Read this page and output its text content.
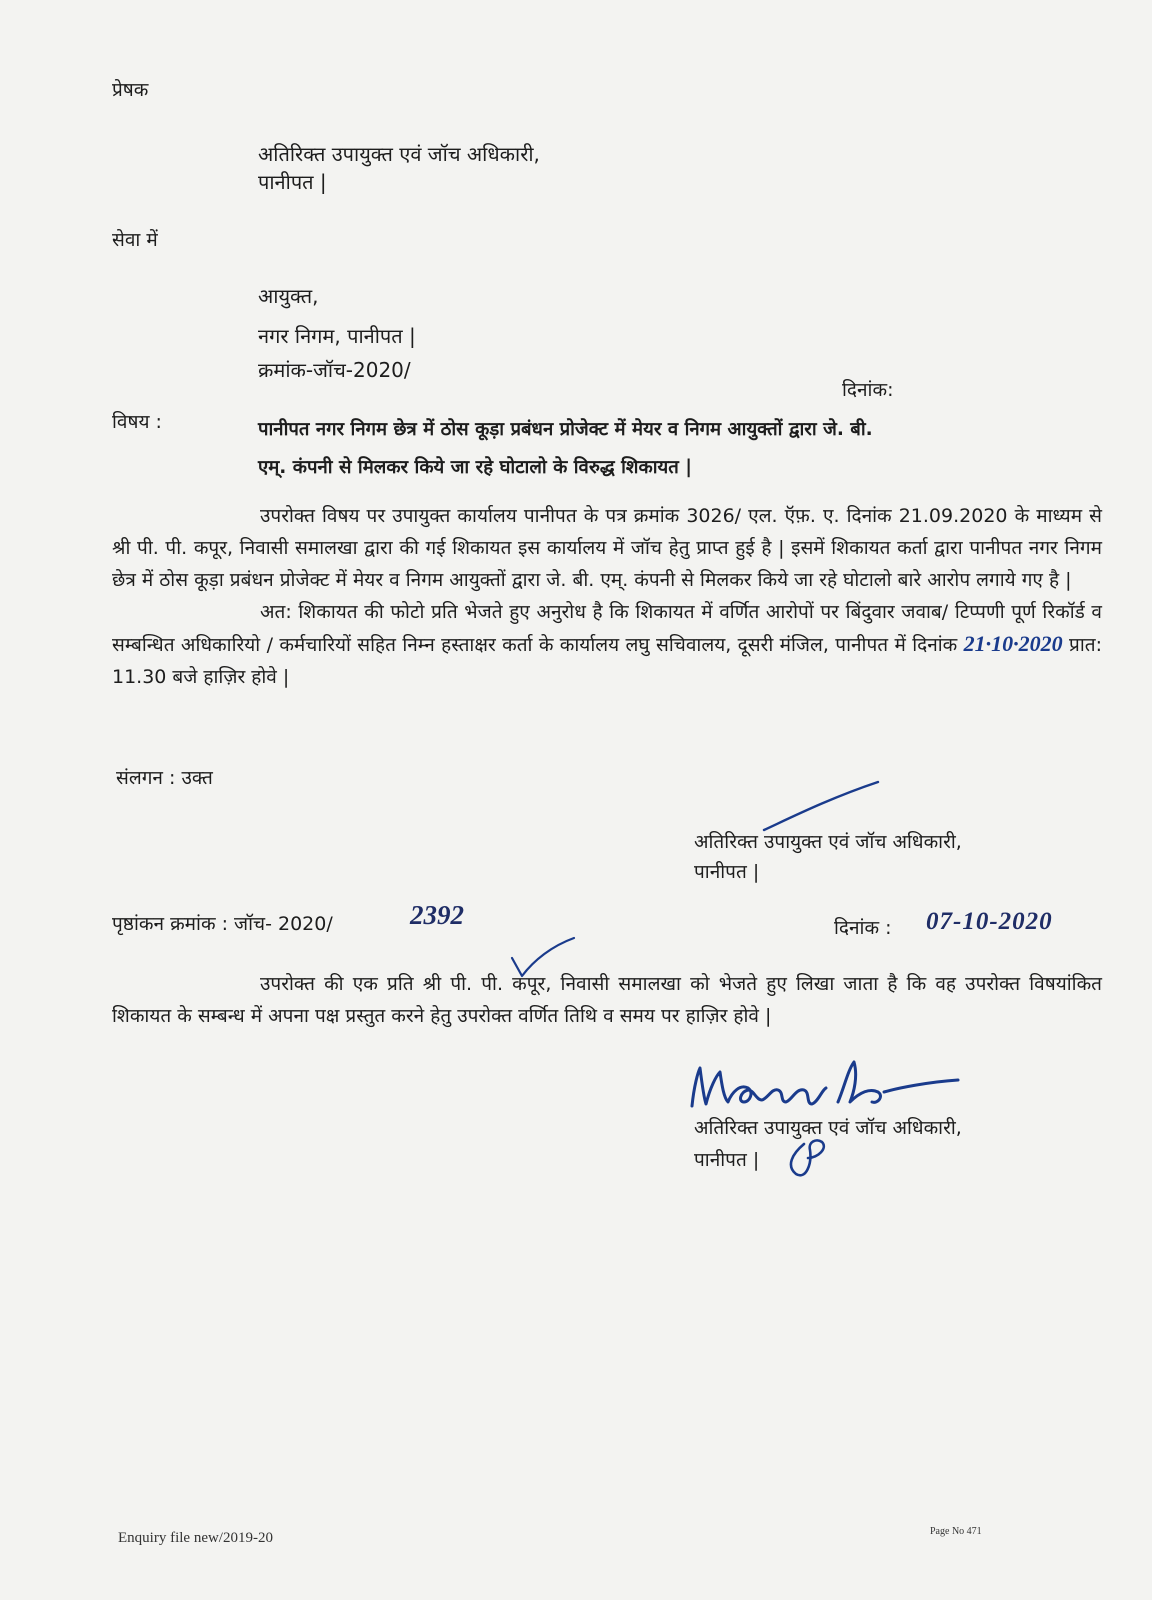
प्रेषक
अतिरिक्त उपायुक्त एवं जॉच अधिकारी,
पानीपत |
सेवा में
आयुक्त,
नगर निगम, पानीपत |
क्रमांक-जॉच-2020/
दिनांक:
विषय :	पानीपत नगर निगम छेत्र में ठोस कूड़ा प्रबंधन प्रोजेक्ट में मेयर व निगम आयुक्तों द्वारा जे. बी.
एम्. कंपनी से मिलकर किये जा रहे घोटालो के विरुद्ध शिकायत |

उपरोक्त विषय पर उपायुक्त कार्यालय पानीपत के पत्र क्रमांक 3026/ एल. ऍफ़. ए. दिनांक 21.09.2020 के माध्यम से श्री पी. पी. कपूर, निवासी समालखा द्वारा की गई शिकायत इस कार्यालय में जॉच हेतु प्राप्त हुई है | इसमें शिकायत कर्ता द्वारा पानीपत नगर निगम छेत्र में ठोस कूड़ा प्रबंधन प्रोजेक्ट में मेयर व निगम आयुक्तों द्वारा जे. बी. एम्. कंपनी से मिलकर किये जा रहे घोटालो बारे आरोप लगाये गए है |

अत: शिकायत की फोटो प्रति भेजते हुए अनुरोध है कि शिकायत में वर्णित आरोपों पर बिंदुवार जवाब/ टिप्पणी पूर्ण रिकॉर्ड व सम्बन्धित अधिकारियो / कर्मचारियों सहित निम्न हस्ताक्षर कर्ता के कार्यालय लघु सचिवालय, दूसरी मंजिल, पानीपत में दिनांक 21·10·2020 प्रात: 11.30 बजे हाज़िर होवे |

संलगन : उक्त
अतिरिक्त उपायुक्त एवं जॉच अधिकारी,
पानीपत |
पृष्ठांकन क्रमांक : जॉच- 2020/	2392	दिनांक : 07-10-2020

उपरोक्त की एक प्रति श्री पी. पी. कपूर, निवासी समालखा को भेजते हुए लिखा जाता है कि वह उपरोक्त विषयांकित शिकायत के सम्बन्ध में अपना पक्ष प्रस्तुत करने हेतु उपरोक्त वर्णित तिथि व समय पर हाज़िर होवे |

अतिरिक्त उपायुक्त एवं जॉच अधिकारी,
पानीपत |
Enquiry file new/2019-20	Page No 471
